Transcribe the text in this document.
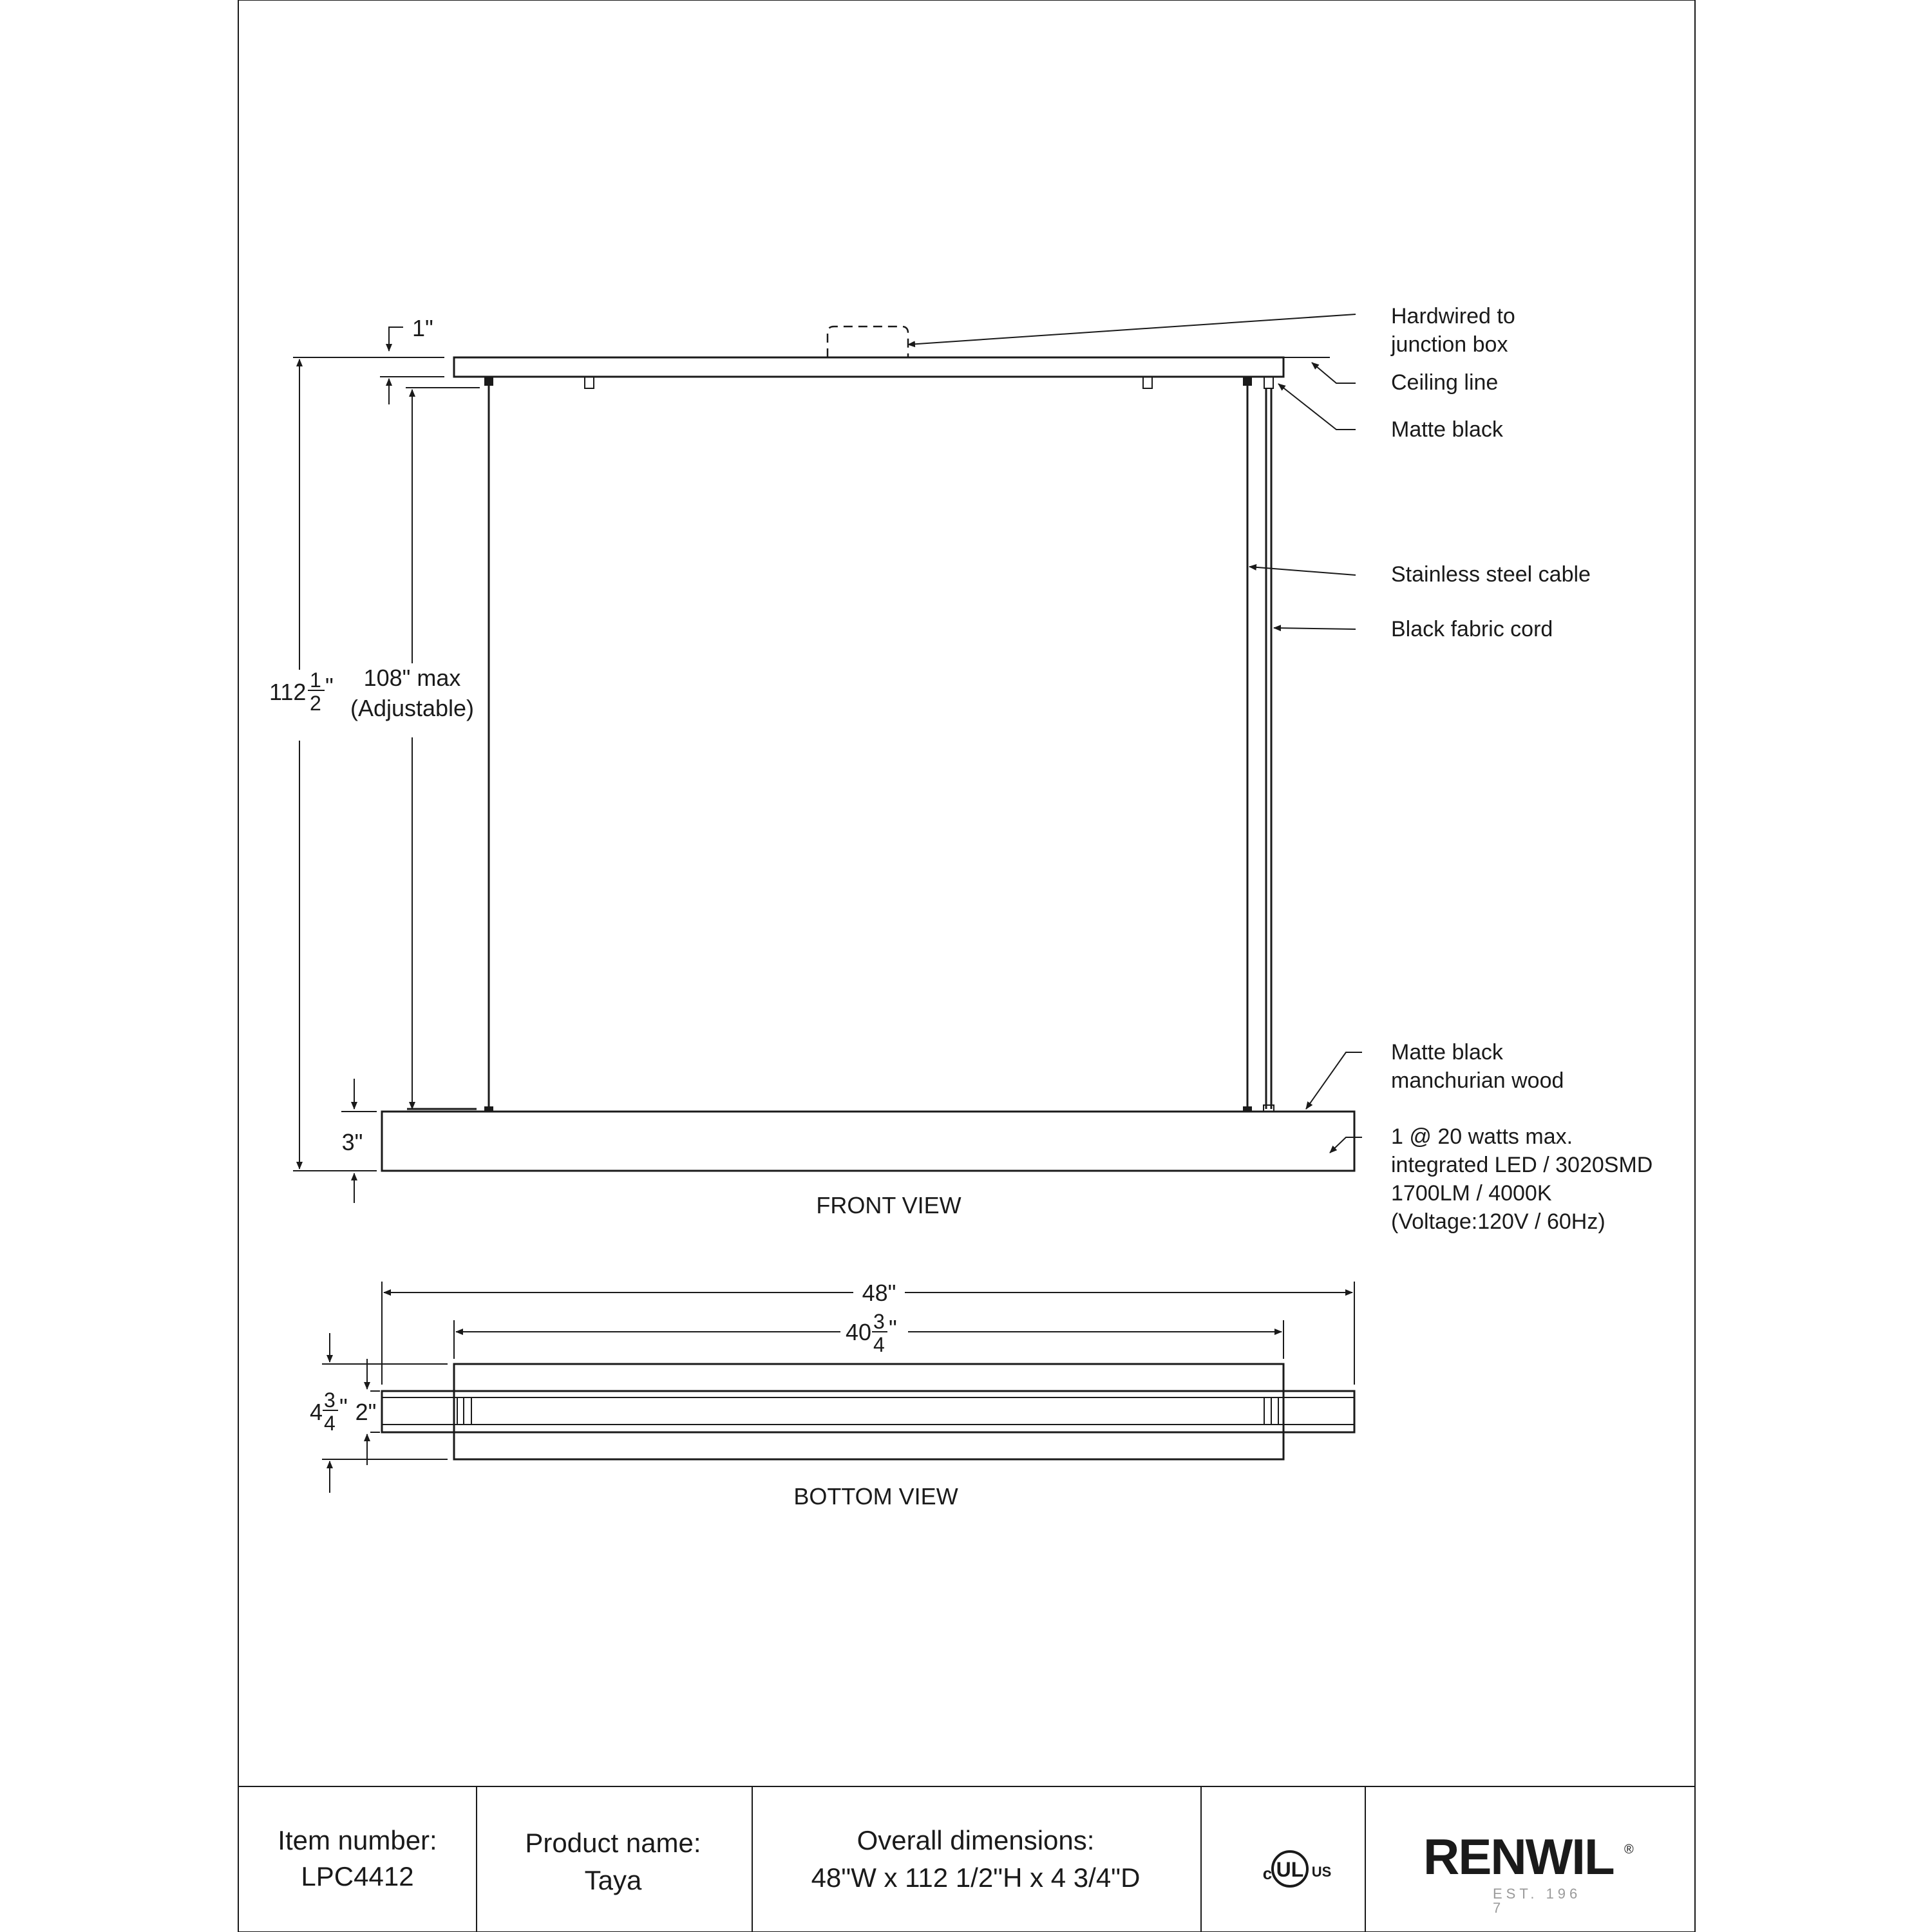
1"
112 1
2
" 108" max
(Adjustable)
3"
Hardwired to
junction box
Ceiling line
Matte black
Stainless steel cable
Black fabric cord
Matte black
manchurian wood
1 @ 20 watts max.
integrated LED / 3020SMD
1700LM / 4000K
(Voltage:120V / 60Hz)
FRONT VIEW
48"
40 3
4
"
4 3
4
" 2"
BOTTOM VIEW
Item number:
LPC4412
Product name:
Taya
Overall dimensions:
48"W x 112 1/2"H x 4 3/4"D	UL
c	US RENWIL ®
EST. 196
7
